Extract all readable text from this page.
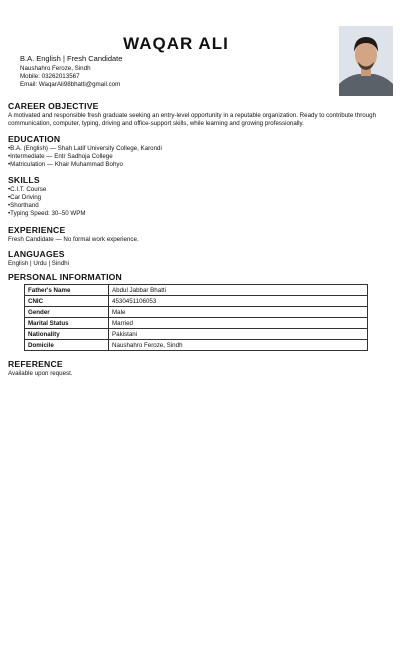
WAQAR ALI
B.A. English | Fresh Candidate
Naushahro Feroze, Sindh
Mobile: 03262013567
Email: WaqarAli98bhatti@gmail.com
CAREER OBJECTIVE

A motivated and responsible fresh graduate seeking an entry-level opportunity in a reputable organization. Ready to contribute through communication, computer, typing, driving and office-support skills, while learning and growing professionally.

EDUCATION
• B.A. (English) — Shah Latif University College, Karondi
• Intermediate — Entr Sadhoja College
• Matriculation — Khair Muhammad Bohyo
SKILLS
• C.I.T. Course
• Car Driving
• Shorthand
• Typing Speed: 30–50 WPM
EXPERIENCE

Fresh Candidate — No formal work experience.

LANGUAGES

English | Urdu | Sindhi

PERSONAL INFORMATION
Father's Name	Abdul Jabbar Bhatti
CNIC	4530451106053
Gender	Male
Marital Status	Married
Nationality	Pakistani
Domicile	Naushahro Feroze, Sindh
REFERENCE

Available upon request.
